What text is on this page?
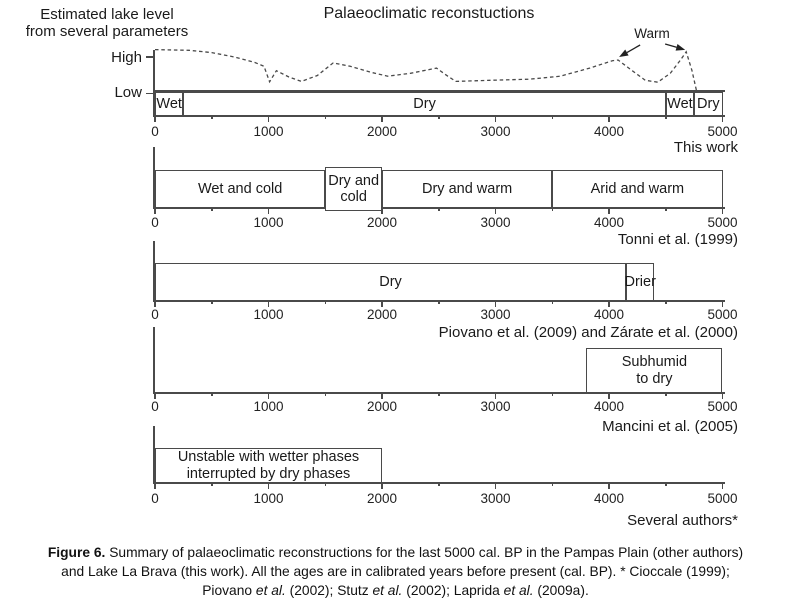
Palaeoclimatic reconstuctions
Estimated lake level
from several parameters
High
Low
Warm
Figure 6. Summary of palaeoclimatic reconstructions for the last 5000 cal. BP in the Pampas Plain (other authors)
and Lake La Brava (this work). All the ages are in calibrated years before present (cal. BP). * Cioccale (1999);
Piovano et al. (2002); Stutz et al. (2002); Laprida et al. (2009a).
0	1000	2000	3000	4000	5000
Wet	Dry	Wet Dry
This work
0	1000	2000	3000	4000	5000
Wet and cold
Dry and
cold
Dry and warm	Arid and warm
Tonni et al. (1999)
0	1000	2000	3000	4000	5000
Dry	Drier
Piovano et al. (2009) and Zárate et al. (2000)
0	1000	2000	3000	4000	5000
Subhumid
to dry
Mancini et al. (2005)
0	1000	2000	3000	4000	5000
Unstable with wetter phases
interrupted by dry phases
Several authors*
